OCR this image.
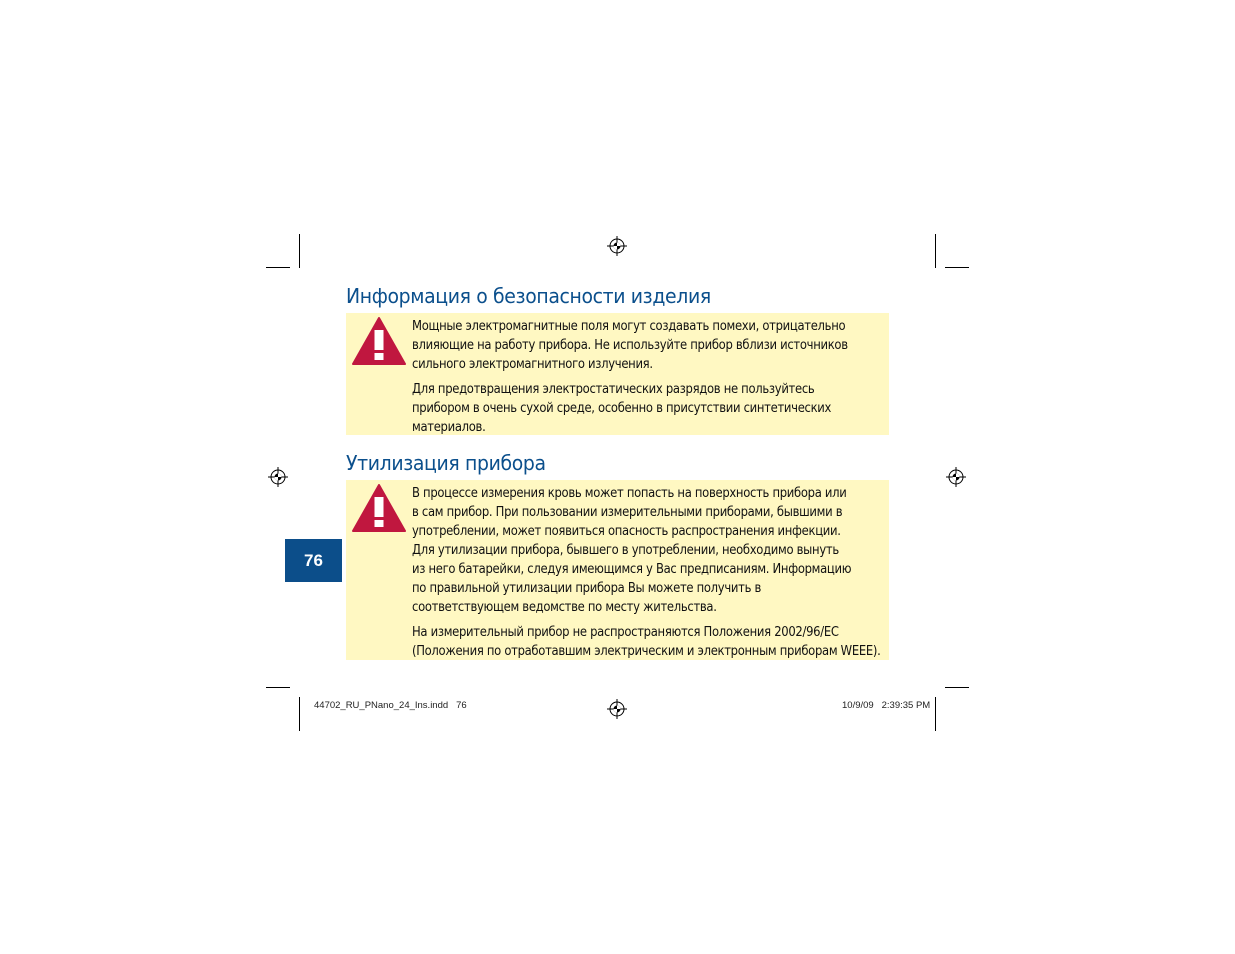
Информация о безопасности изделия

Мощные электромагнитные поля могут создавать помехи, отрицательно
влияющие на работу прибора. Не используйте прибор вблизи источников
сильного электромагнитного излучения.

Для предотвращения электростатических разрядов не пользуйтесь
прибором в очень сухой среде, особенно в присутствии синтетических
материалов.

Утилизация прибора

В процессе измерения кровь может попасть на поверхность прибора или
в сам прибор. При пользовании измерительными приборами, бывшими в
употреблении, может появиться опасность распространения инфекции.
Для утилизации прибора, бывшего в употреблении, необходимо вынуть
из него батарейки, следуя имеющимся у Вас предписаниям. Информацию
по правильной утилизации прибора Вы можете получить в
соответствующем ведомстве по месту жительства.

На измерительный прибор не распространяются Положения 2002/96/EC
(Положения по отработавшим электрическим и электронным приборам WEEE).

76
44702_RU_PNano_24_Ins.indd   76	10/9/09   2:39:35 PM
